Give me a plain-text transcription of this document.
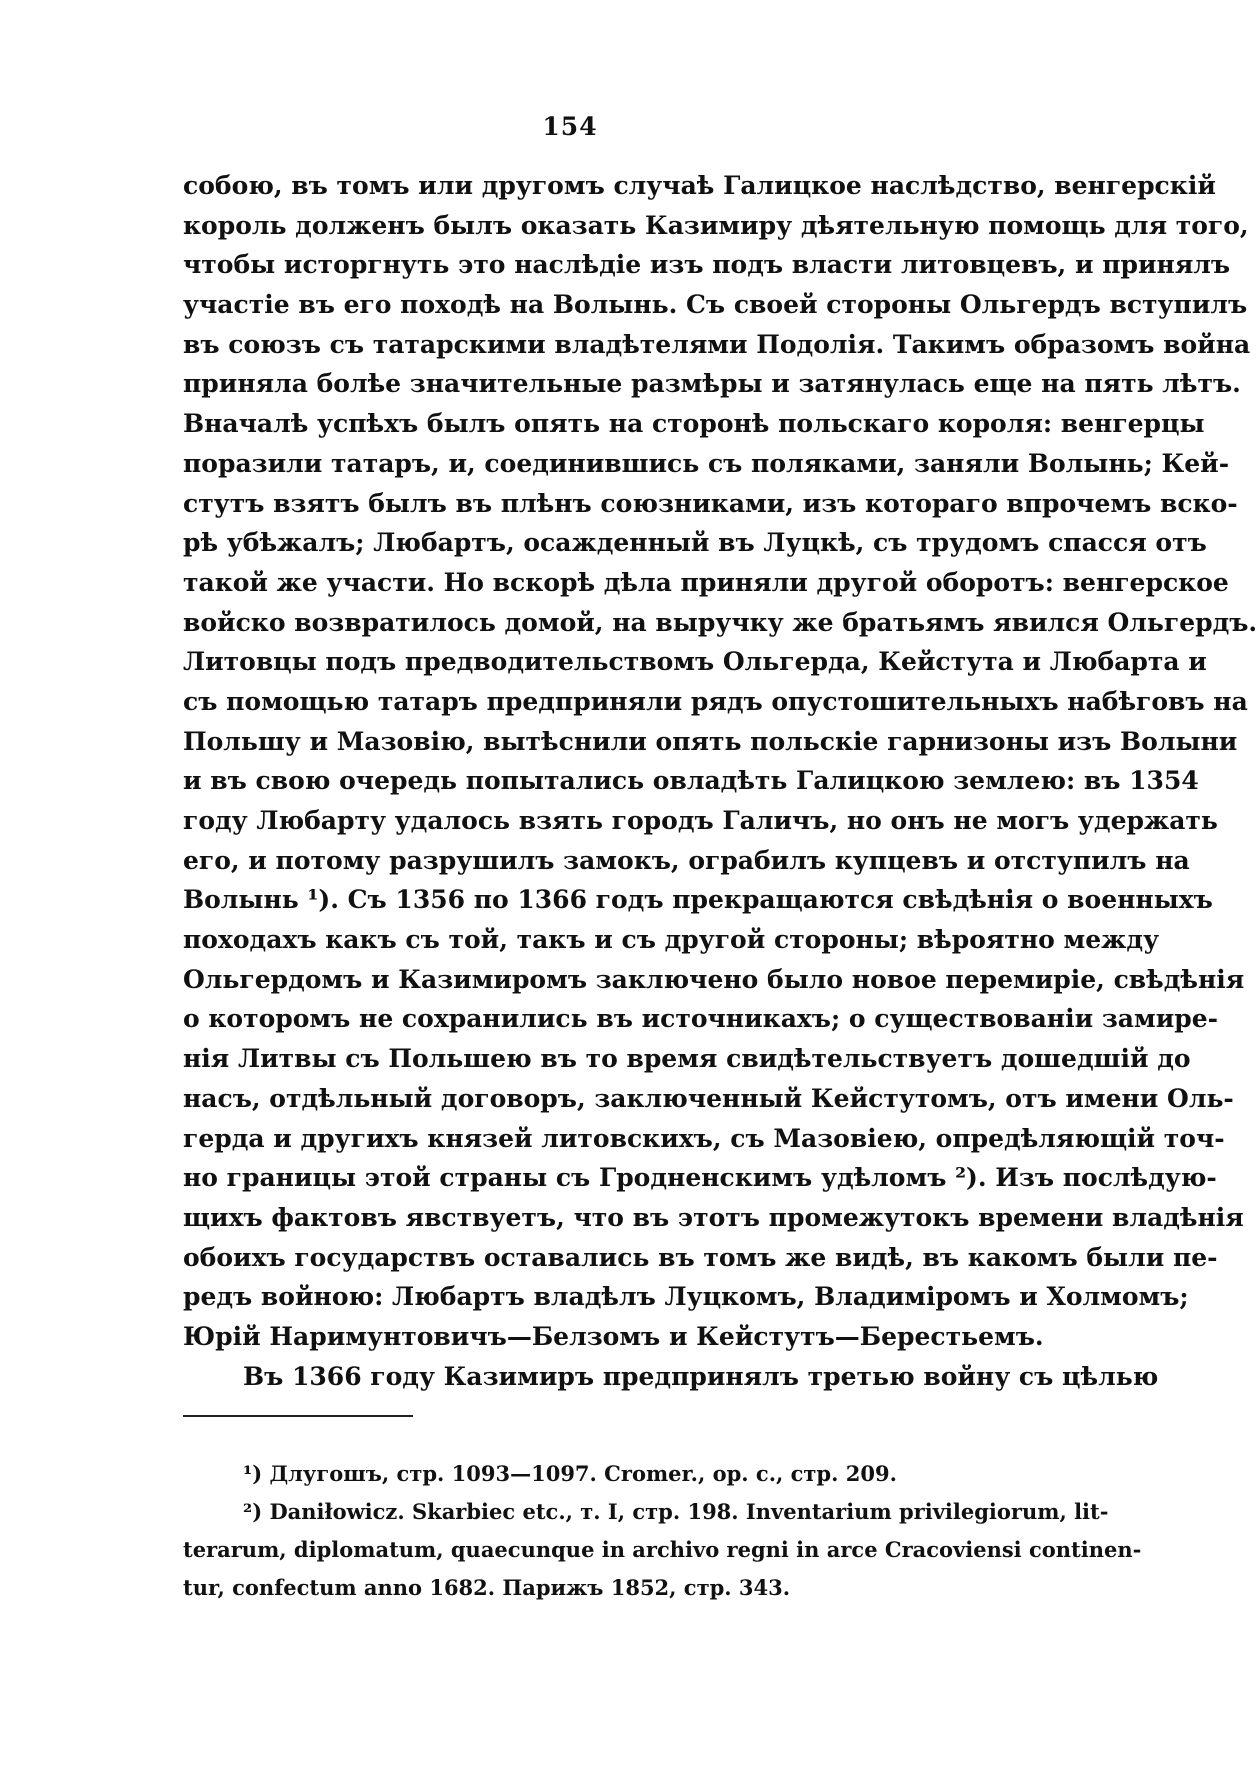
154
собою, въ томъ или другомъ случаѣ Галицкое наслѣдство, венгерскій
король долженъ былъ оказать Казимиру дѣятельную помощь для того,
чтобы исторгнуть это наслѣдіе изъ подъ власти литовцевъ, и принялъ
участіе въ его походѣ на Волынь. Съ своей стороны Ольгердъ вступилъ
въ союзъ съ татарскими владѣтелями Подолія. Такимъ образомъ война
приняла болѣе значительные размѣры и затянулась еще на пять лѣтъ.
Вначалѣ успѣхъ былъ опять на сторонѣ польскаго короля: венгерцы
поразили татаръ, и, соединившись съ поляками, заняли Волынь; Кей-
стутъ взятъ былъ въ плѣнъ союзниками, изъ котораго впрочемъ вско-
рѣ убѣжалъ; Любартъ, осажденный въ Луцкѣ, съ трудомъ спасся отъ
такой же участи. Но вскорѣ дѣла приняли другой оборотъ: венгерское
войско возвратилось домой, на выручку же братьямъ явился Ольгердъ.
Литовцы подъ предводительствомъ Ольгерда, Кейстута и Любарта и
съ помощью татаръ предприняли рядъ опустошительныхъ набѣговъ на
Польшу и Мазовію, вытѣснили опять польскіе гарнизоны изъ Волыни
и въ свою очередь попытались овладѣть Галицкою землею: въ 1354
году Любарту удалось взять городъ Галичъ, но онъ не могъ удержать
его, и потому разрушилъ замокъ, ограбилъ купцевъ и отступилъ на
Волынь ¹). Съ 1356 по 1366 годъ прекращаются свѣдѣнія о военныхъ
походахъ какъ съ той, такъ и съ другой стороны; вѣроятно между
Ольгердомъ и Казимиромъ заключено было новое перемиріе, свѣдѣнія
о которомъ не сохранились въ источникахъ; о существованіи замире-
нія Литвы съ Польшею въ то время свидѣтельствуетъ дошедшій до
насъ, отдѣльный договоръ, заключенный Кейстутомъ, отъ имени Оль-
герда и другихъ князей литовскихъ, съ Мазовіею, опредѣляющій точ-
но границы этой страны съ Гродненскимъ удѣломъ ²). Изъ послѣдую-
щихъ фактовъ явствуетъ, что въ этотъ промежутокъ времени владѣнія
обоихъ государствъ оставались въ томъ же видѣ, въ какомъ были пе-
редъ войною: Любартъ владѣлъ Луцкомъ, Владиміромъ и Холмомъ;
Юрій Наримунтовичъ—Белзомъ и Кейстутъ—Берестьемъ.
Въ 1366 году Казимиръ предпринялъ третью войну съ цѣлью
¹) Длугошъ, стр. 1093—1097. Cromer., op. c., стр. 209.
²) Daniłowicz. Skarbiec etc., т. I, стр. 198. Inventarium privilegiorum, lit-
terarum, diplomatum, quaecunque in archivo regni in arce Cracoviensi continen-
tur, confectum anno 1682. Парижъ 1852, стр. 343.
